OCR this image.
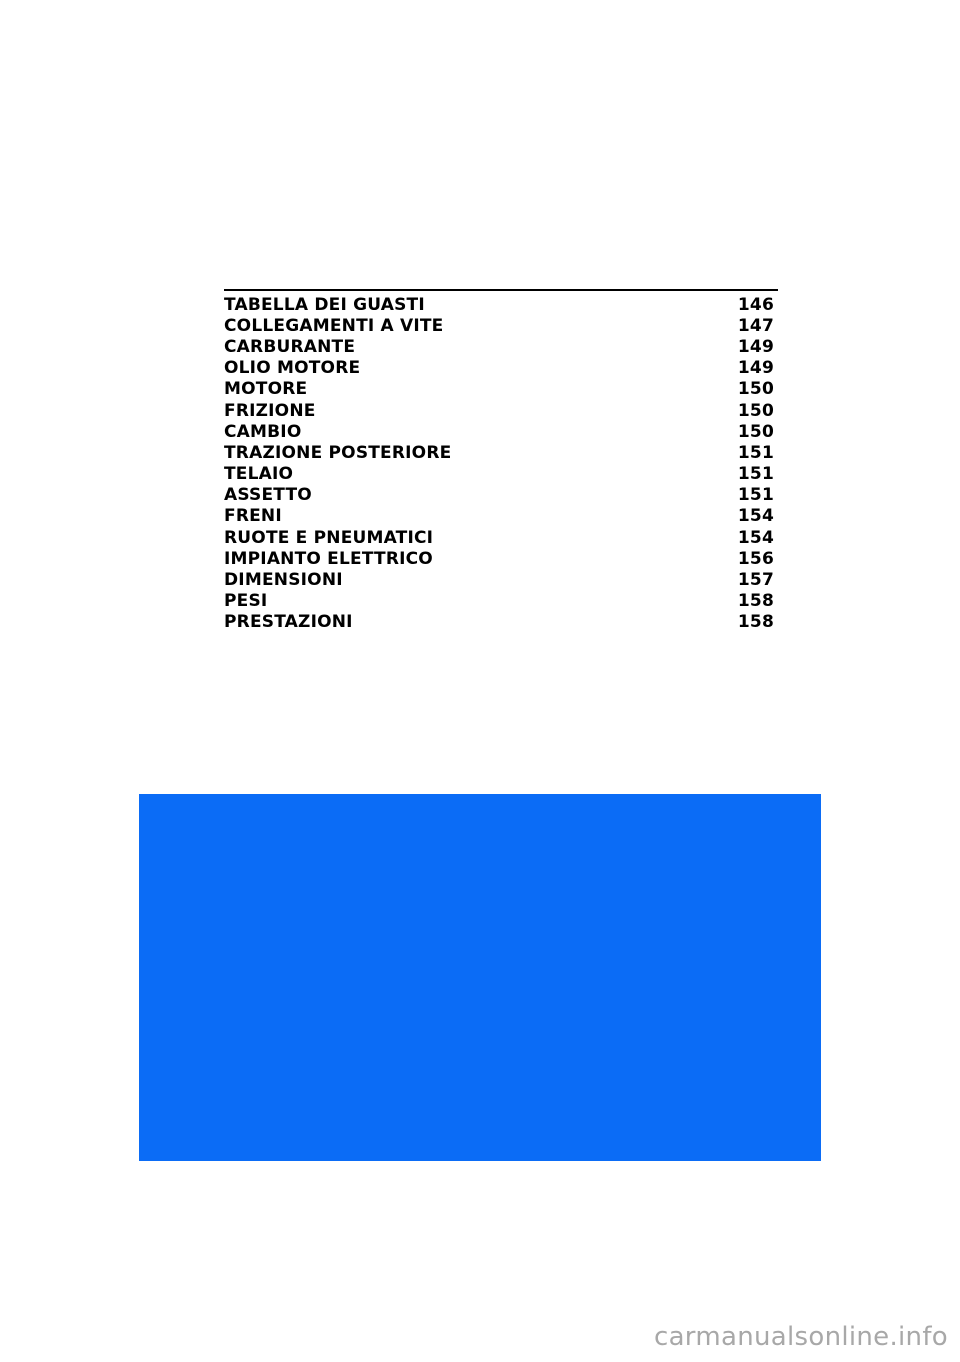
TABELLA DEI GUASTI	146
COLLEGAMENTI A VITE	147
CARBURANTE	149
OLIO MOTORE	149
MOTORE	150
FRIZIONE	150
CAMBIO	150
TRAZIONE POSTERIORE	151
TELAIO	151
ASSETTO	151
FRENI	154
RUOTE E PNEUMATICI	154
IMPIANTO ELETTRICO	156
DIMENSIONI	157
PESI	158
PRESTAZIONI	158
carmanualsonline.info
